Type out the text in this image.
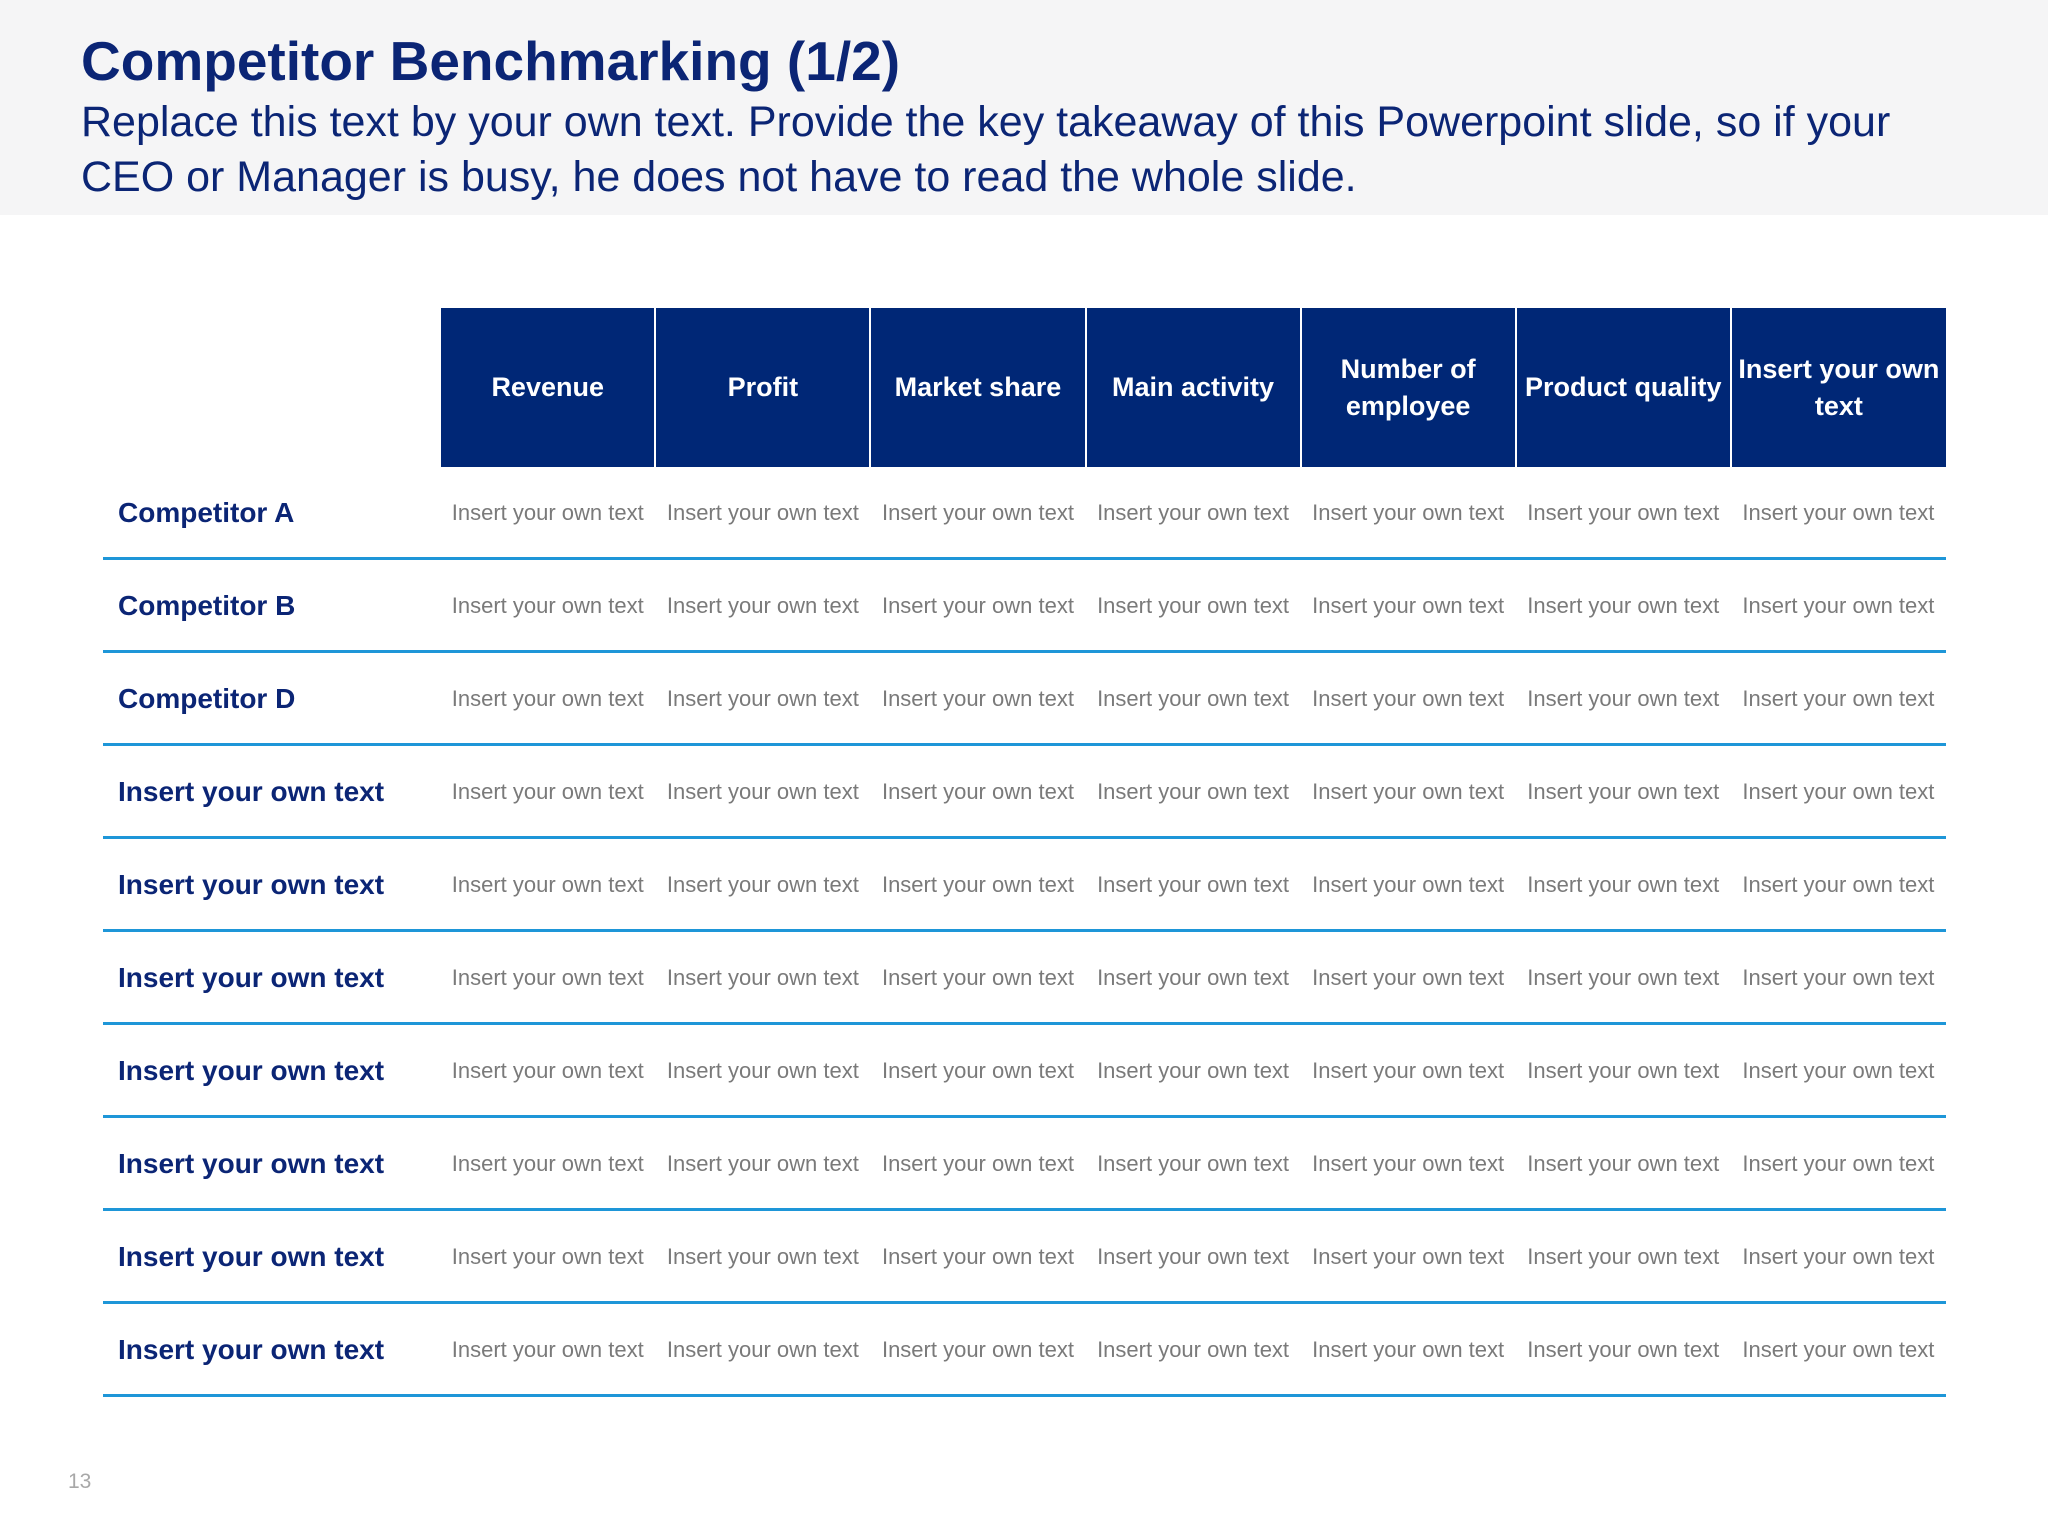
Competitor Benchmarking (1/2)

Replace this text by your own text. Provide the key takeaway of this Powerpoint slide, so if your CEO or Manager is busy, he does not have to read the whole slide.

	Revenue	Profit	Market share	Main activity	Number of employee	Product quality	Insert your own text
Competitor A	Insert your own text	Insert your own text	Insert your own text	Insert your own text	Insert your own text	Insert your own text	Insert your own text
Competitor B	Insert your own text	Insert your own text	Insert your own text	Insert your own text	Insert your own text	Insert your own text	Insert your own text
Competitor D	Insert your own text	Insert your own text	Insert your own text	Insert your own text	Insert your own text	Insert your own text	Insert your own text
Insert your own text	Insert your own text	Insert your own text	Insert your own text	Insert your own text	Insert your own text	Insert your own text	Insert your own text
Insert your own text	Insert your own text	Insert your own text	Insert your own text	Insert your own text	Insert your own text	Insert your own text	Insert your own text
Insert your own text	Insert your own text	Insert your own text	Insert your own text	Insert your own text	Insert your own text	Insert your own text	Insert your own text
Insert your own text	Insert your own text	Insert your own text	Insert your own text	Insert your own text	Insert your own text	Insert your own text	Insert your own text
Insert your own text	Insert your own text	Insert your own text	Insert your own text	Insert your own text	Insert your own text	Insert your own text	Insert your own text
Insert your own text	Insert your own text	Insert your own text	Insert your own text	Insert your own text	Insert your own text	Insert your own text	Insert your own text
Insert your own text	Insert your own text	Insert your own text	Insert your own text	Insert your own text	Insert your own text	Insert your own text	Insert your own text
13
